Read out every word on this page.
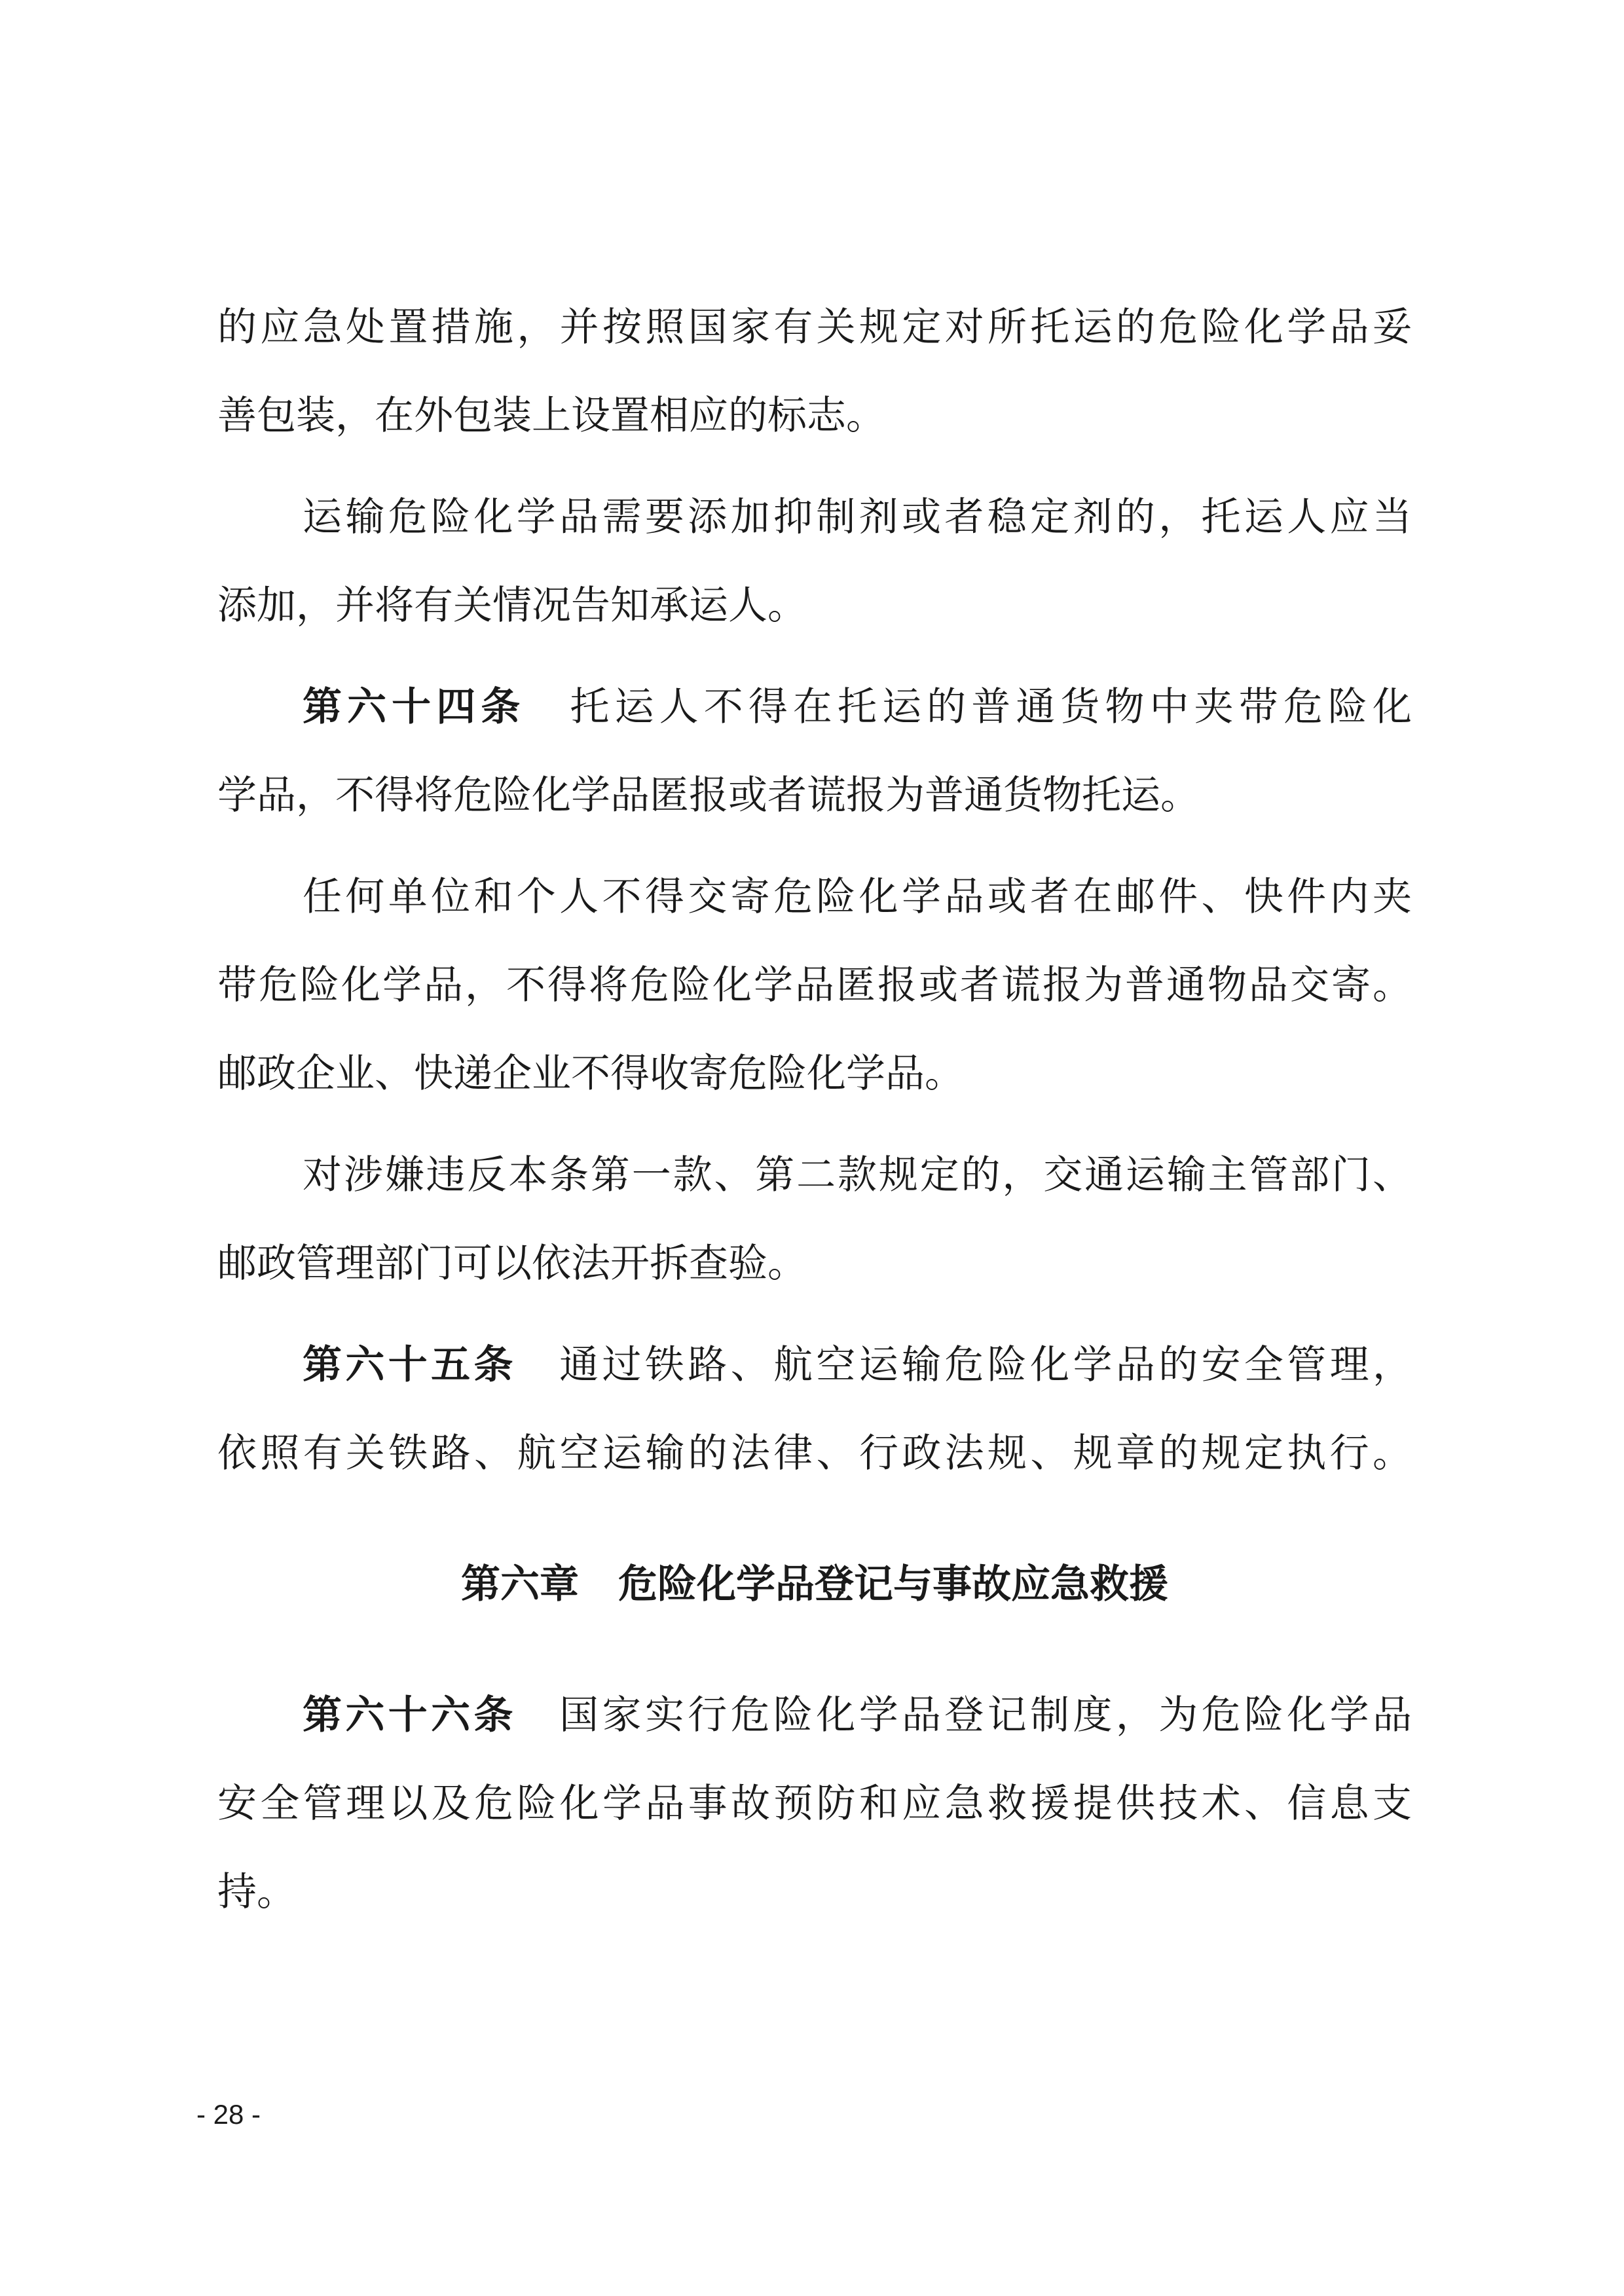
的应急处置措施，并按照国家有关规定对所托运的危险化学品妥
善包装，在外包装上设置相应的标志。
运输危险化学品需要添加抑制剂或者稳定剂的，托运人应当
添加，并将有关情况告知承运人。
第六十四条 托运人不得在托运的普通货物中夹带危险化
学品，不得将危险化学品匿报或者谎报为普通货物托运。
任何单位和个人不得交寄危险化学品或者在邮件、快件内夹
带危险化学品，不得将危险化学品匿报或者谎报为普通物品交寄。
邮政企业、快递企业不得收寄危险化学品。
对涉嫌违反本条第一款、第二款规定的，交通运输主管部门、
邮政管理部门可以依法开拆查验。
第六十五条 通过铁路、航空运输危险化学品的安全管理，
依照有关铁路、航空运输的法律、行政法规、规章的规定执行。
第六章 危险化学品登记与事故应急救援
第六十六条 国家实行危险化学品登记制度，为危险化学品
安全管理以及危险化学品事故预防和应急救援提供技术、信息支
持。
- 28 -
